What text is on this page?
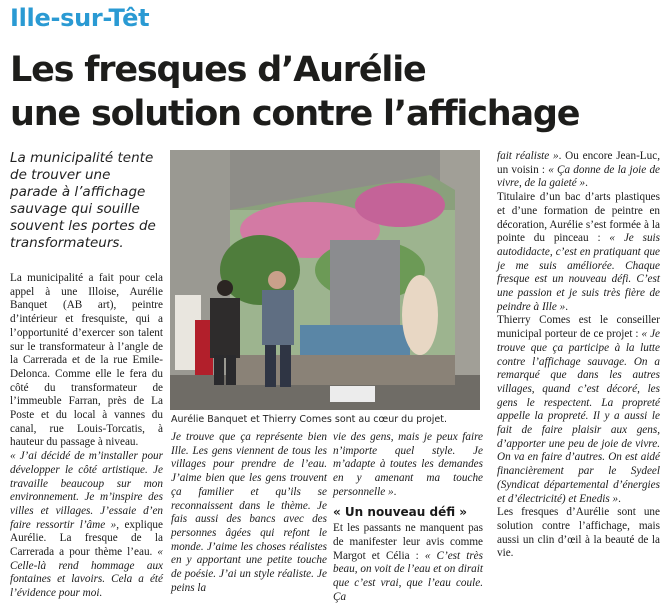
Ille-sur-Têt
Les fresques d’Aurélie
une solution contre l’affichage
La municipalité tente de trouver une parade à l’affichage sauvage qui souille souvent les portes de transformateurs.

La municipalité a fait pour cela appel à une Illoise, Aurélie Banquet (AB art), peintre d’intérieur et fresquiste, qui a l’opportunité d’exercer son talent sur le transformateur à l’angle de la Carrerada et de la rue Emile-Deloncа. Comme elle le fera du côté du transformateur de l’immeuble Farran, près de La Poste et du local à vannes du canal, rue Louis-Torcatis, à hauteur du passage à niveau.

« J’ai décidé de m’installer pour développer le côté artistique. Je travaille beaucoup sur mon environnement. Je m’inspire des villes et villages. J’essaie d’en faire ressortir l’âme », explique Aurélie. La fresque de la Carrerada a pour thème l’eau. « Celle-là rend hommage aux fontaines et lavoirs. Cela a été l’évidence pour moi.

Aurélie Banquet et Thierry Comes sont au cœur du projet.
Je trouve que ça représente bien Ille. Les gens viennent de tous les villages pour prendre de l’eau. J’aime bien que les gens trouvent ça familier et qu’ils se reconnaissent dans le thème. Je fais aussi des bancs avec des personnes âgées qui refont le monde. J’aime les choses réalistes en y apportant une petite touche de poésie. J’ai un style réaliste. Je peins la
vie des gens, mais je peux faire n’importe quel style. Je m’adapte à toutes les demandes en y amenant ma touche personnelle ».
« Un nouveau défi »
Et les passants ne manquent pas de manifester leur avis comme Margot et Célia : « C’est très beau, on voit de l’eau et on dirait que c’est vrai, que l’eau coule. Ça

fait réaliste ». Ou encore Jean-Luc, un voisin : « Ça donne de la joie de vivre, de la gaieté ».

Titulaire d’un bac d’arts plastiques et d’une formation de peintre en décoration, Aurélie s’est formée à la pointe du pinceau : « Je suis autodidacte, c’est en pratiquant que je me suis améliorée. Chaque fresque est un nouveau défi. C’est une passion et je suis très fière de peindre à Ille ».

Thierry Comes est le conseiller municipal porteur de ce projet : « Je trouve que ça participe à la lutte contre l’affichage sauvage. On a remarqué que dans les autres villages, quand c’est décoré, les gens le respectent. La propreté appelle la propreté. Il y a aussi le fait de faire plaisir aux gens, d’apporter une peu de joie de vivre. On va en faire d’autres. On est aidé financièrement par le Sydeel (Syndicat départemental d’énergies et d’électricité) et Enedis ».

Les fresques d’Aurélie sont une solution contre l’affichage, mais aussi un clin d’œil à la beauté de la vie.
